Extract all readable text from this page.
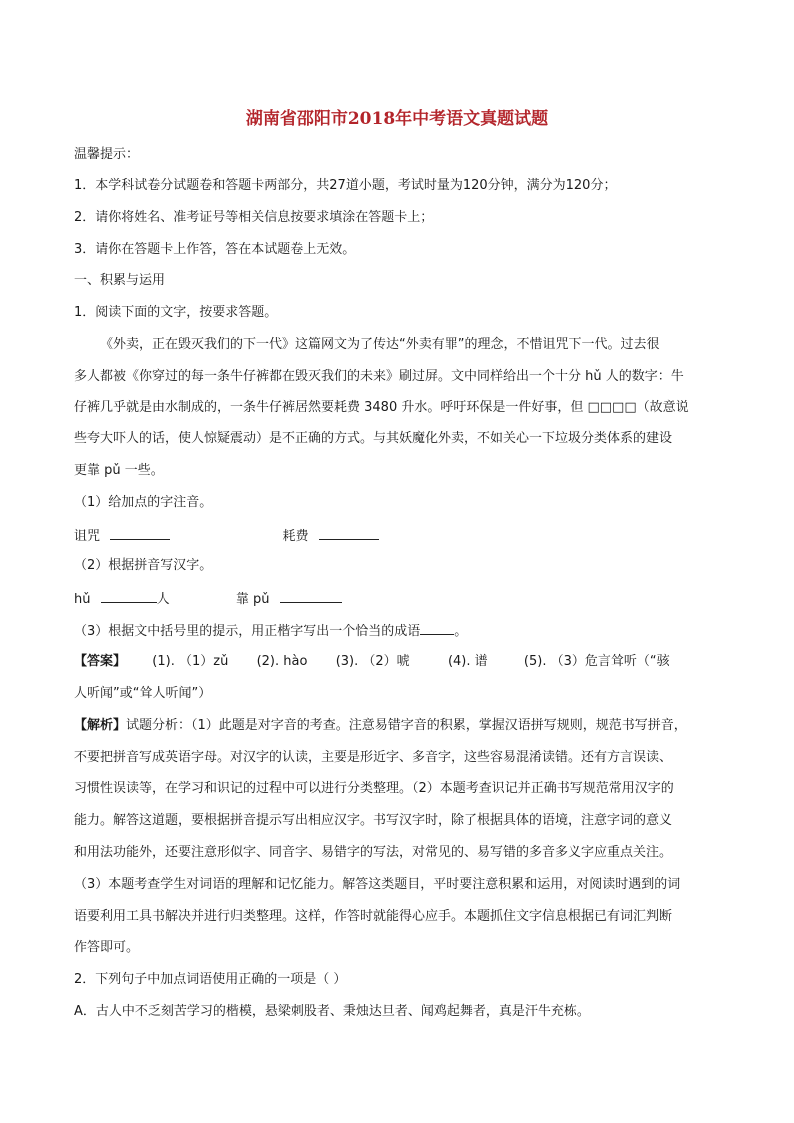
湖南省邵阳市2018年中考语文真题试题
温馨提示：
1．本学科试卷分试题卷和答题卡两部分，共27道小题，考试时量为120分钟，满分为120分；
2．请你将姓名、准考证号等相关信息按要求填涂在答题卡上；
3．请你在答题卡上作答，答在本试题卷上无效。
一、积累与运用
1．阅读下面的文字，按要求答题。
《外卖，正在毁灭我们的下一代》这篇网文为了传达“外卖有罪”的理念，不惜诅咒下一代。过去很
多人都被《你穿过的每一条牛仔裤都在毁灭我们的未来》刷过屏。文中同样给出一个十分 hǔ 人的数字：牛
仔裤几乎就是由水制成的，一条牛仔裤居然要耗费 3480 升水。呼吁环保是一件好事，但 □□□□（故意说
些夸大吓人的话，使人惊疑震动）是不正确的方式。与其妖魔化外卖，不如关心一下垃圾分类体系的建设
更靠 pǔ 一些。
（1）给加点的字注音。
诅咒	耗费
（2）根据拼音写汉字。
hǔ	人	靠 pǔ
（3）根据文中括号里的提示，用正楷字写出一个恰当的成语	。
【答案】 (1). （1）zǔ (2). hào (3). （2）唬	(4). 谱	(5). （3）危言耸听（“骇
人听闻”或“耸人听闻”）
【解析】试题分析：（1）此题是对字音的考查。注意易错字音的积累，掌握汉语拼写规则，规范书写拼音，
不要把拼音写成英语字母。对汉字的认读，主要是形近字、多音字，这些容易混淆读错。还有方言误读、
习惯性误读等，在学习和识记的过程中可以进行分类整理。（2）本题考查识记并正确书写规范常用汉字的
能力。解答这道题，要根据拼音提示写出相应汉字。书写汉字时，除了根据具体的语境，注意字词的意义
和用法功能外，还要注意形似字、同音字、易错字的写法，对常见的、易写错的多音多义字应重点关注。
（3）本题考查学生对词语的理解和记忆能力。解答这类题目，平时要注意积累和运用，对阅读时遇到的词
语要利用工具书解决并进行归类整理。这样，作答时就能得心应手。本题抓住文字信息根据已有词汇判断
作答即可。
2．下列句子中加点词语使用正确的一项是（ ）
A．古人中不乏刻苦学习的楷模，悬梁刺股者、秉烛达旦者、闻鸡起舞者，真是汗牛充栋。
